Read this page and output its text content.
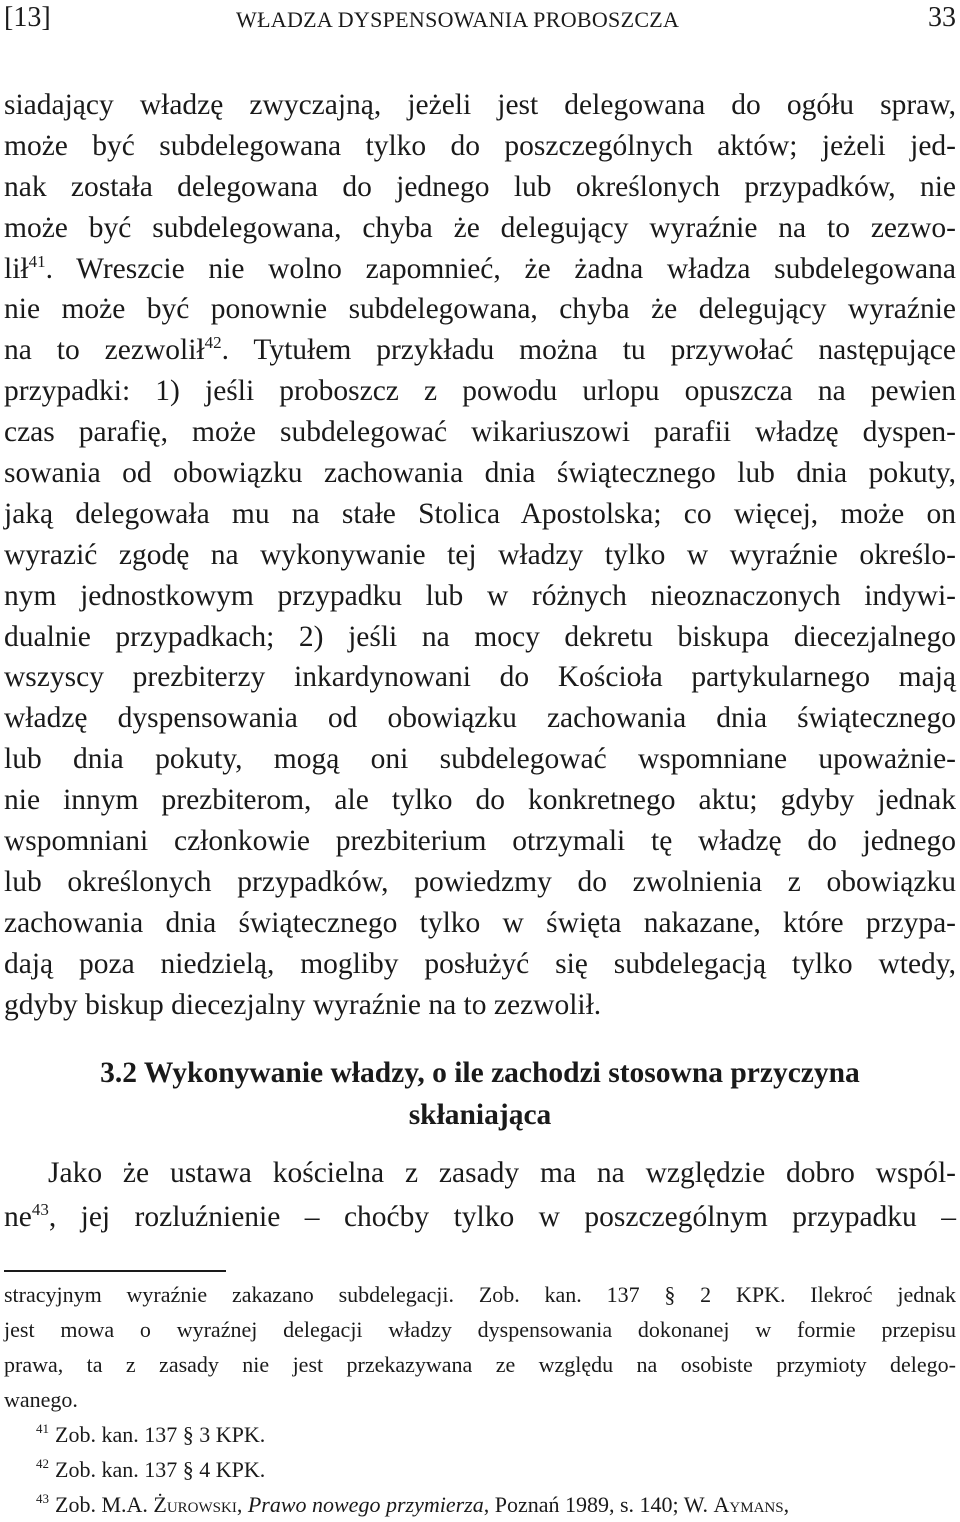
[13]	WŁADZA DYSPENSOWANIA PROBOSZCZA	33
siadający władzę zwyczajną, jeżeli jest delegowana do ogółu spraw,
może być subdelegowana tylko do poszczególnych aktów; jeżeli jed-
nak została delegowana do jednego lub określonych przypadków, nie
może być subdelegowana, chyba że delegujący wyraźnie na to zezwo-
lił$^{41}$. Wreszcie nie wolno zapomnieć, że żadna władza subdelegowana
nie może być ponownie subdelegowana, chyba że delegujący wyraźnie
na to zezwolił$^{42}$. Tytułem przykładu można tu przywołać następujące
przypadki: 1) jeśli proboszcz z powodu urlopu opuszcza na pewien
czas parafię, może subdelegować wikariuszowi parafii władzę dyspen-
sowania od obowiązku zachowania dnia świątecznego lub dnia pokuty,
jaką delegowała mu na stałe Stolica Apostolska; co więcej, może on
wyrazić zgodę na wykonywanie tej władzy tylko w wyraźnie określo-
nym jednostkowym przypadku lub w różnych nieoznaczonych indywi-
dualnie przypadkach; 2) jeśli na mocy dekretu biskupa diecezjalnego
wszyscy prezbiterzy inkardynowani do Kościoła partykularnego mają
władzę dyspensowania od obowiązku zachowania dnia świątecznego
lub dnia pokuty, mogą oni subdelegować wspomniane upoważnie-
nie innym prezbiterom, ale tylko do konkretnego aktu; gdyby jednak
wspomniani członkowie prezbiterium otrzymali tę władzę do jednego
lub określonych przypadków, powiedzmy do zwolnienia z obowiązku
zachowania dnia świątecznego tylko w święta nakazane, które przypa-
dają poza niedzielą, mogliby posłużyć się subdelegacją tylko wtedy,
gdyby biskup diecezjalny wyraźnie na to zezwolił.
3.2 Wykonywanie władzy, o ile zachodzi stosowna przyczyna
skłaniająca
Jako że ustawa kościelna z zasady ma na względzie dobro wspól-
$ne^{43}$, jej rozluźnienie – choćby tylko w poszczególnym przypadku –
stracyjnym wyraźnie zakazano subdelegacji. Zob. kan. 137 § 2 KPK. Ilekroć jednak
jest mowa o wyraźnej delegacji władzy dyspensowania dokonanej w formie przepisu
prawa, ta z zasady nie jest przekazywana ze względu na osobiste przymioty delego-
wanego.
$^{41}$ Zob. kan. 137 § 3 KPK.
$^{42}$ Zob. kan. 137 § 4 KPK.
$^{43}$ Zob. M.A. Żurowski, Prawo nowego przymierza, Poznań 1989, s. 140; W. Aymans,
